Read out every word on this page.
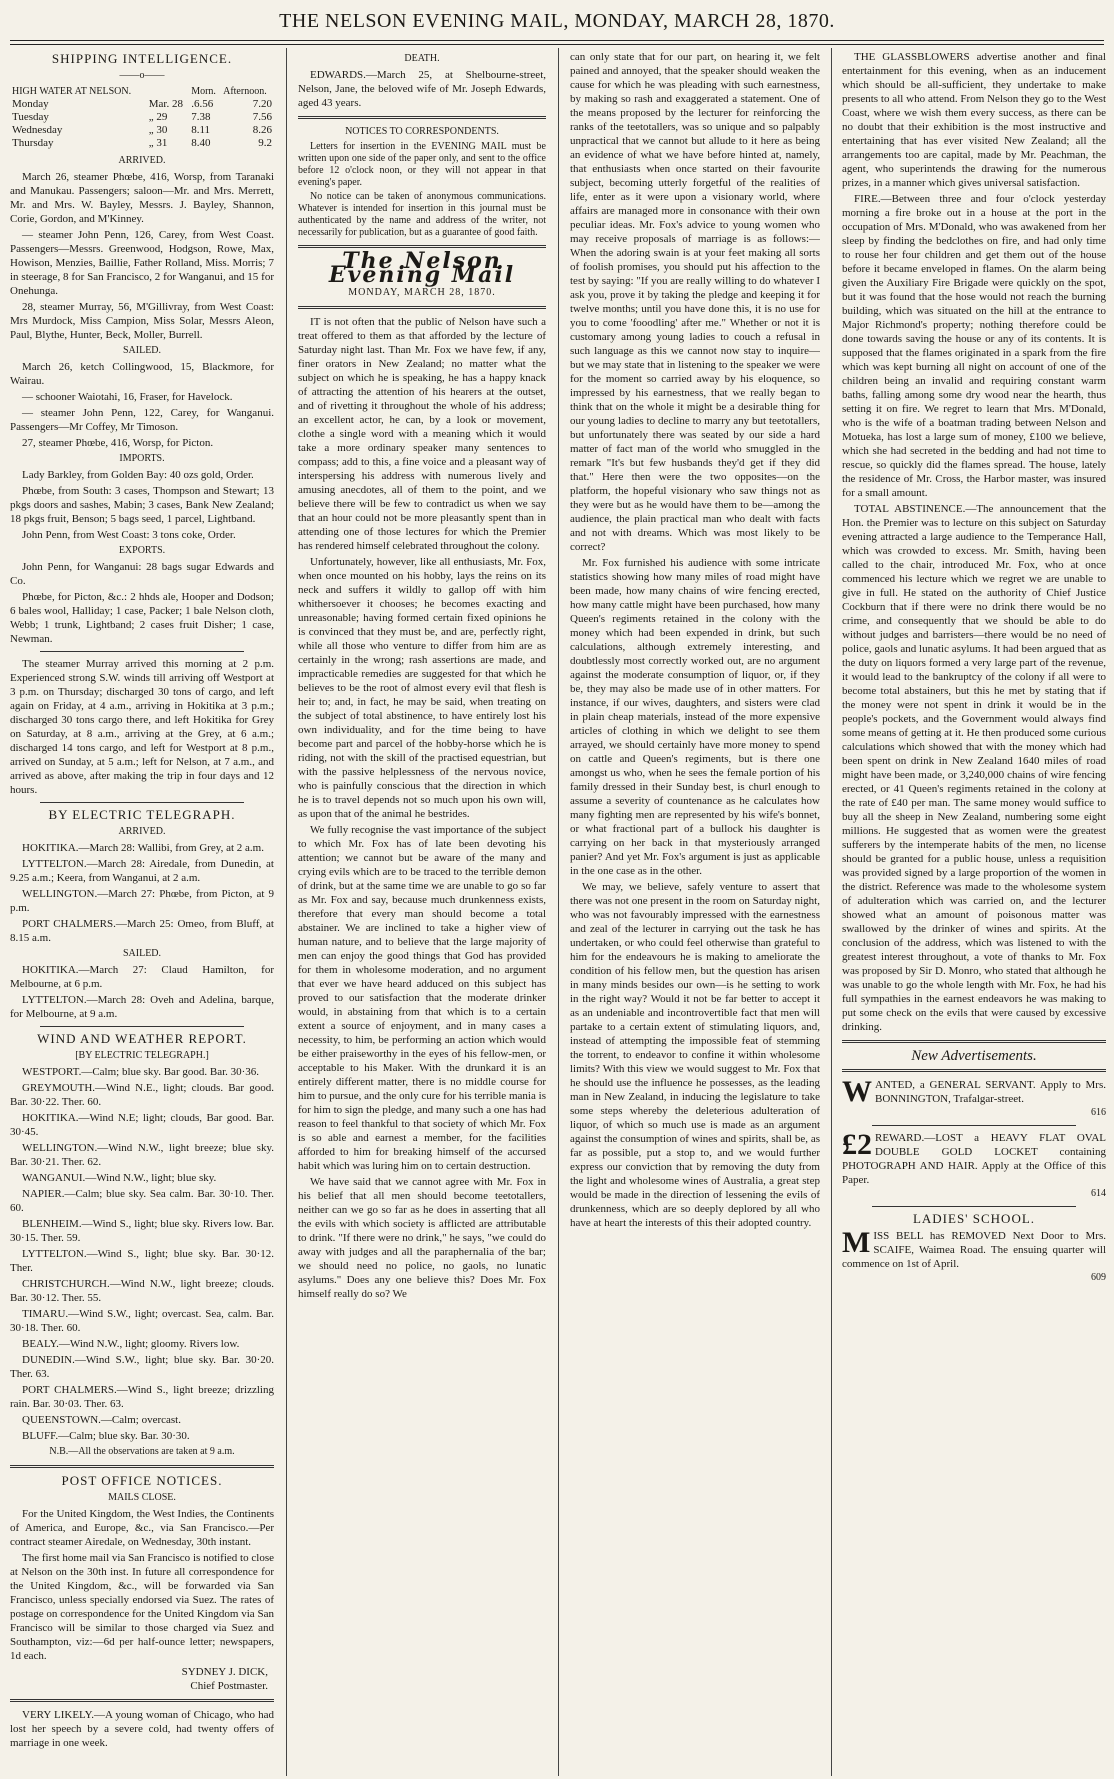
THE NELSON EVENING MAIL, MONDAY, MARCH 28, 1870.
SHIPPING INTELLIGENCE.
——o——
HIGH WATER AT NELSON.		Morn.	Afternoon.
Monday	Mar. 28	.6.56	7.20
Tuesday	„ 29	7.38	7.56
Wednesday	„ 30	8.11	8.26
Thursday	„ 31	8.40	9.2
ARRIVED.
March 26, steamer Phœbe, 416, Worsp, from Taranaki and Manukau. Passengers; saloon—Mr. and Mrs. Merrett, Mr. and Mrs. W. Bayley, Messrs. J. Bayley, Shannon, Corie, Gordon, and M'Kinney.
— steamer John Penn, 126, Carey, from West Coast. Passengers—Messrs. Greenwood, Hodgson, Rowe, Max, Howison, Menzies, Baillie, Father Rolland, Miss. Morris; 7 in steerage, 8 for San Francisco, 2 for Wanganui, and 15 for Onehunga.
28, steamer Murray, 56, M'Gillivray, from West Coast: Mrs Murdock, Miss Campion, Miss Solar, Messrs Aleon, Paul, Blythe, Hunter, Beck, Moller, Burrell.
SAILED.
March 26, ketch Collingwood, 15, Blackmore, for Wairau.
— schooner Waiotahi, 16, Fraser, for Havelock.
— steamer John Penn, 122, Carey, for Wanganui. Passengers—Mr Coffey, Mr Timoson.
27, steamer Phœbe, 416, Worsp, for Picton.
IMPORTS.
Lady Barkley, from Golden Bay: 40 ozs gold, Order.
Phœbe, from South: 3 cases, Thompson and Stewart; 13 pkgs doors and sashes, Mabin; 3 cases, Bank New Zealand; 18 pkgs fruit, Benson; 5 bags seed, 1 parcel, Lightband.
John Penn, from West Coast: 3 tons coke, Order.
EXPORTS.
John Penn, for Wanganui: 28 bags sugar Edwards and Co.
Phœbe, for Picton, &c.: 2 hhds ale, Hooper and Dodson; 6 bales wool, Halliday; 1 case, Packer; 1 bale Nelson cloth, Webb; 1 trunk, Lightband; 2 cases fruit Disher; 1 case, Newman.
The steamer Murray arrived this morning at 2 p.m. Experienced strong S.W. winds till arriving off Westport at 3 p.m. on Thursday; discharged 30 tons of cargo, and left again on Friday, at 4 a.m., arriving in Hokitika at 3 p.m.; discharged 30 tons cargo there, and left Hokitika for Grey on Saturday, at 8 a.m., arriving at the Grey, at 6 a.m.; discharged 14 tons cargo, and left for Westport at 8 p.m., arrived on Sunday, at 5 a.m.; left for Nelson, at 7 a.m., and arrived as above, after making the trip in four days and 12 hours.
BY ELECTRIC TELEGRAPH.
ARRIVED.
HOKITIKA.—March 28: Wallibi, from Grey, at 2 a.m.
LYTTELTON.—March 28: Airedale, from Dunedin, at 9.25 a.m.; Keera, from Wanganui, at 2 a.m.
WELLINGTON.—March 27: Phœbe, from Picton, at 9 p.m.
PORT CHALMERS.—March 25: Omeo, from Bluff, at 8.15 a.m.
SAILED.
HOKITIKA.—March 27: Claud Hamilton, for Melbourne, at 6 p.m.
LYTTELTON.—March 28: Oveh and Adelina, barque, for Melbourne, at 9 a.m.
WIND AND WEATHER REPORT.
[BY ELECTRIC TELEGRAPH.]
WESTPORT.—Calm; blue sky. Bar good. Bar. 30·36.
GREYMOUTH.—Wind N.E., light; clouds. Bar good. Bar. 30·22. Ther. 60.
HOKITIKA.—Wind N.E; light; clouds, Bar good. Bar. 30·45.
WELLINGTON.—Wind N.W., light breeze; blue sky. Bar. 30·21. Ther. 62.
WANGANUI.—Wind N.W., light; blue sky.
NAPIER.—Calm; blue sky. Sea calm. Bar. 30·10. Ther. 60.
BLENHEIM.—Wind S., light; blue sky. Rivers low. Bar. 30·15. Ther. 59.
LYTTELTON.—Wind S., light; blue sky. Bar. 30·12. Ther.
CHRISTCHURCH.—Wind N.W., light breeze; clouds. Bar. 30·12. Ther. 55.
TIMARU.—Wind S.W., light; overcast. Sea, calm. Bar. 30·18. Ther. 60.
BEALY.—Wind N.W., light; gloomy. Rivers low.
DUNEDIN.—Wind S.W., light; blue sky. Bar. 30·20. Ther. 63.
PORT CHALMERS.—Wind S., light breeze; drizzling rain. Bar. 30·03. Ther. 63.
QUEENSTOWN.—Calm; overcast.
BLUFF.—Calm; blue sky. Bar. 30·30.
N.B.—All the observations are taken at 9 a.m.
POST OFFICE NOTICES.
MAILS CLOSE.
For the United Kingdom, the West Indies, the Continents of America, and Europe, &c., via San Francisco.—Per contract steamer Airedale, on Wednesday, 30th instant.
The first home mail via San Francisco is notified to close at Nelson on the 30th inst. In future all correspondence for the United Kingdom, &c., will be forwarded via San Francisco, unless specially endorsed via Suez. The rates of postage on correspondence for the United Kingdom via San Francisco will be similar to those charged via Suez and Southampton, viz:—6d per half-ounce letter; newspapers, 1d each.
SYDNEY J. DICK,
Chief Postmaster.
VERY LIKELY.—A young woman of Chicago, who had lost her speech by a severe cold, had twenty offers of marriage in one week.
DEATH.
EDWARDS.—March 25, at Shelbourne-street, Nelson, Jane, the beloved wife of Mr. Joseph Edwards, aged 43 years.
NOTICES TO CORRESPONDENTS.
Letters for insertion in the EVENING MAIL must be written upon one side of the paper only, and sent to the office before 12 o'clock noon, or they will not appear in that evening's paper.
No notice can be taken of anonymous communications. Whatever is intended for insertion in this journal must be authenticated by the name and address of the writer, not necessarily for publication, but as a guarantee of good faith.
The Nelson Evening Mail
MONDAY, MARCH 28, 1870.
IT is not often that the public of Nelson have such a treat offered to them as that afforded by the lecture of Saturday night last. Than Mr. Fox we have few, if any, finer orators in New Zealand; no matter what the subject on which he is speaking, he has a happy knack of attracting the attention of his hearers at the outset, and of rivetting it throughout the whole of his address; an excellent actor, he can, by a look or movement, clothe a single word with a meaning which it would take a more ordinary speaker many sentences to compass; add to this, a fine voice and a pleasant way of interspersing his address with numerous lively and amusing anecdotes, all of them to the point, and we believe there will be few to contradict us when we say that an hour could not be more pleasantly spent than in attending one of those lectures for which the Premier has rendered himself celebrated throughout the colony.
Unfortunately, however, like all enthusiasts, Mr. Fox, when once mounted on his hobby, lays the reins on its neck and suffers it wildly to gallop off with him whithersoever it chooses; he becomes exacting and unreasonable; having formed certain fixed opinions he is convinced that they must be, and are, perfectly right, while all those who venture to differ from him are as certainly in the wrong; rash assertions are made, and impracticable remedies are suggested for that which he believes to be the root of almost every evil that flesh is heir to; and, in fact, he may be said, when treating on the subject of total abstinence, to have entirely lost his own individuality, and for the time being to have become part and parcel of the hobby-horse which he is riding, not with the skill of the practised equestrian, but with the passive helplessness of the nervous novice, who is painfully conscious that the direction in which he is to travel depends not so much upon his own will, as upon that of the animal he bestrides.
We fully recognise the vast importance of the subject to which Mr. Fox has of late been devoting his attention; we cannot but be aware of the many and crying evils which are to be traced to the terrible demon of drink, but at the same time we are unable to go so far as Mr. Fox and say, because much drunkenness exists, therefore that every man should become a total abstainer. We are inclined to take a higher view of human nature, and to believe that the large majority of men can enjoy the good things that God has provided for them in wholesome moderation, and no argument that ever we have heard adduced on this subject has proved to our satisfaction that the moderate drinker would, in abstaining from that which is to a certain extent a source of enjoyment, and in many cases a necessity, to him, be performing an action which would be either praiseworthy in the eyes of his fellow-men, or acceptable to his Maker. With the drunkard it is an entirely different matter, there is no middle course for him to pursue, and the only cure for his terrible mania is for him to sign the pledge, and many such a one has had reason to feel thankful to that society of which Mr. Fox is so able and earnest a member, for the facilities afforded to him for breaking himself of the accursed habit which was luring him on to certain destruction.
We have said that we cannot agree with Mr. Fox in his belief that all men should become teetotallers, neither can we go so far as he does in asserting that all the evils with which society is afflicted are attributable to drink. "If there were no drink," he says, "we could do away with judges and all the paraphernalia of the bar; we should need no police, no gaols, no lunatic asylums." Does any one believe this? Does Mr. Fox himself really do so? We
can only state that for our part, on hearing it, we felt pained and annoyed, that the speaker should weaken the cause for which he was pleading with such earnestness, by making so rash and exaggerated a statement. One of the means proposed by the lecturer for reinforcing the ranks of the teetotallers, was so unique and so palpably unpractical that we cannot but allude to it here as being an evidence of what we have before hinted at, namely, that enthusiasts when once started on their favourite subject, becoming utterly forgetful of the realities of life, enter as it were upon a visionary world, where affairs are managed more in consonance with their own peculiar ideas. Mr. Fox's advice to young women who may receive proposals of marriage is as follows:—When the adoring swain is at your feet making all sorts of foolish promises, you should put his affection to the test by saying: "If you are really willing to do whatever I ask you, prove it by taking the pledge and keeping it for twelve months; until you have done this, it is no use for you to come 'fooodling' after me." Whether or not it is customary among young ladies to couch a refusal in such language as this we cannot now stay to inquire—but we may state that in listening to the speaker we were for the moment so carried away by his eloquence, so impressed by his earnestness, that we really began to think that on the whole it might be a desirable thing for our young ladies to decline to marry any but teetotallers, but unfortunately there was seated by our side a hard matter of fact man of the world who smuggled in the remark "It's but few husbands they'd get if they did that." Here then were the two opposites—on the platform, the hopeful visionary who saw things not as they were but as he would have them to be—among the audience, the plain practical man who dealt with facts and not with dreams. Which was most likely to be correct?
Mr. Fox furnished his audience with some intricate statistics showing how many miles of road might have been made, how many chains of wire fencing erected, how many cattle might have been purchased, how many Queen's regiments retained in the colony with the money which had been expended in drink, but such calculations, although extremely interesting, and doubtlessly most correctly worked out, are no argument against the moderate consumption of liquor, or, if they be, they may also be made use of in other matters. For instance, if our wives, daughters, and sisters were clad in plain cheap materials, instead of the more expensive articles of clothing in which we delight to see them arrayed, we should certainly have more money to spend on cattle and Queen's regiments, but is there one amongst us who, when he sees the female portion of his family dressed in their Sunday best, is churl enough to assume a severity of countenance as he calculates how many fighting men are represented by his wife's bonnet, or what fractional part of a bullock his daughter is carrying on her back in that mysteriously arranged panier? And yet Mr. Fox's argument is just as applicable in the one case as in the other.
We may, we believe, safely venture to assert that there was not one present in the room on Saturday night, who was not favourably impressed with the earnestness and zeal of the lecturer in carrying out the task he has undertaken, or who could feel otherwise than grateful to him for the endeavours he is making to ameliorate the condition of his fellow men, but the question has arisen in many minds besides our own—is he setting to work in the right way? Would it not be far better to accept it as an undeniable and incontrovertible fact that men will partake to a certain extent of stimulating liquors, and, instead of attempting the impossible feat of stemming the torrent, to endeavor to confine it within wholesome limits? With this view we would suggest to Mr. Fox that he should use the influence he possesses, as the leading man in New Zealand, in inducing the legislature to take some steps whereby the deleterious adulteration of liquor, of which so much use is made as an argument against the consumption of wines and spirits, shall be, as far as possible, put a stop to, and we would further express our conviction that by removing the duty from the light and wholesome wines of Australia, a great step would be made in the direction of lessening the evils of drunkenness, which are so deeply deplored by all who have at heart the interests of this their adopted country.
THE GLASSBLOWERS advertise another and final entertainment for this evening, when as an inducement which should be all-sufficient, they undertake to make presents to all who attend. From Nelson they go to the West Coast, where we wish them every success, as there can be no doubt that their exhibition is the most instructive and entertaining that has ever visited New Zealand; all the arrangements too are capital, made by Mr. Peachman, the agent, who superintends the drawing for the numerous prizes, in a manner which gives universal satisfaction.
FIRE.—Between three and four o'clock yesterday morning a fire broke out in a house at the port in the occupation of Mrs. M'Donald, who was awakened from her sleep by finding the bedclothes on fire, and had only time to rouse her four children and get them out of the house before it became enveloped in flames. On the alarm being given the Auxiliary Fire Brigade were quickly on the spot, but it was found that the hose would not reach the burning building, which was situated on the hill at the entrance to Major Richmond's property; nothing therefore could be done towards saving the house or any of its contents. It is supposed that the flames originated in a spark from the fire which was kept burning all night on account of one of the children being an invalid and requiring constant warm baths, falling among some dry wood near the hearth, thus setting it on fire. We regret to learn that Mrs. M'Donald, who is the wife of a boatman trading between Nelson and Motueka, has lost a large sum of money, £100 we believe, which she had secreted in the bedding and had not time to rescue, so quickly did the flames spread. The house, lately the residence of Mr. Cross, the Harbor master, was insured for a small amount.
TOTAL ABSTINENCE.—The announcement that the Hon. the Premier was to lecture on this subject on Saturday evening attracted a large audience to the Temperance Hall, which was crowded to excess. Mr. Smith, having been called to the chair, introduced Mr. Fox, who at once commenced his lecture which we regret we are unable to give in full. He stated on the authority of Chief Justice Cockburn that if there were no drink there would be no crime, and consequently that we should be able to do without judges and barristers—there would be no need of police, gaols and lunatic asylums. It had been argued that as the duty on liquors formed a very large part of the revenue, it would lead to the bankruptcy of the colony if all were to become total abstainers, but this he met by stating that if the money were not spent in drink it would be in the people's pockets, and the Government would always find some means of getting at it. He then produced some curious calculations which showed that with the money which had been spent on drink in New Zealand 1640 miles of road might have been made, or 3,240,000 chains of wire fencing erected, or 41 Queen's regiments retained in the colony at the rate of £40 per man. The same money would suffice to buy all the sheep in New Zealand, numbering some eight millions. He suggested that as women were the greatest sufferers by the intemperate habits of the men, no license should be granted for a public house, unless a requisition was provided signed by a large proportion of the women in the district. Reference was made to the wholesome system of adulteration which was carried on, and the lecturer showed what an amount of poisonous matter was swallowed by the drinker of wines and spirits. At the conclusion of the address, which was listened to with the greatest interest throughout, a vote of thanks to Mr. Fox was proposed by Sir D. Monro, who stated that although he was unable to go the whole length with Mr. Fox, he had his full sympathies in the earnest endeavors he was making to put some check on the evils that were caused by excessive drinking.
New Advertisements.
W ANTED, a GENERAL SERVANT. Apply to Mrs. BONNINGTON, Trafalgar-street.
616
£2 REWARD.—LOST a HEAVY FLAT OVAL DOUBLE GOLD LOCKET containing PHOTOGRAPH AND HAIR. Apply at the Office of this Paper.
614
LADIES' SCHOOL.
M ISS BELL has REMOVED Next Door to Mrs. SCAIFE, Waimea Road. The ensuing quarter will commence on 1st of April.
609
